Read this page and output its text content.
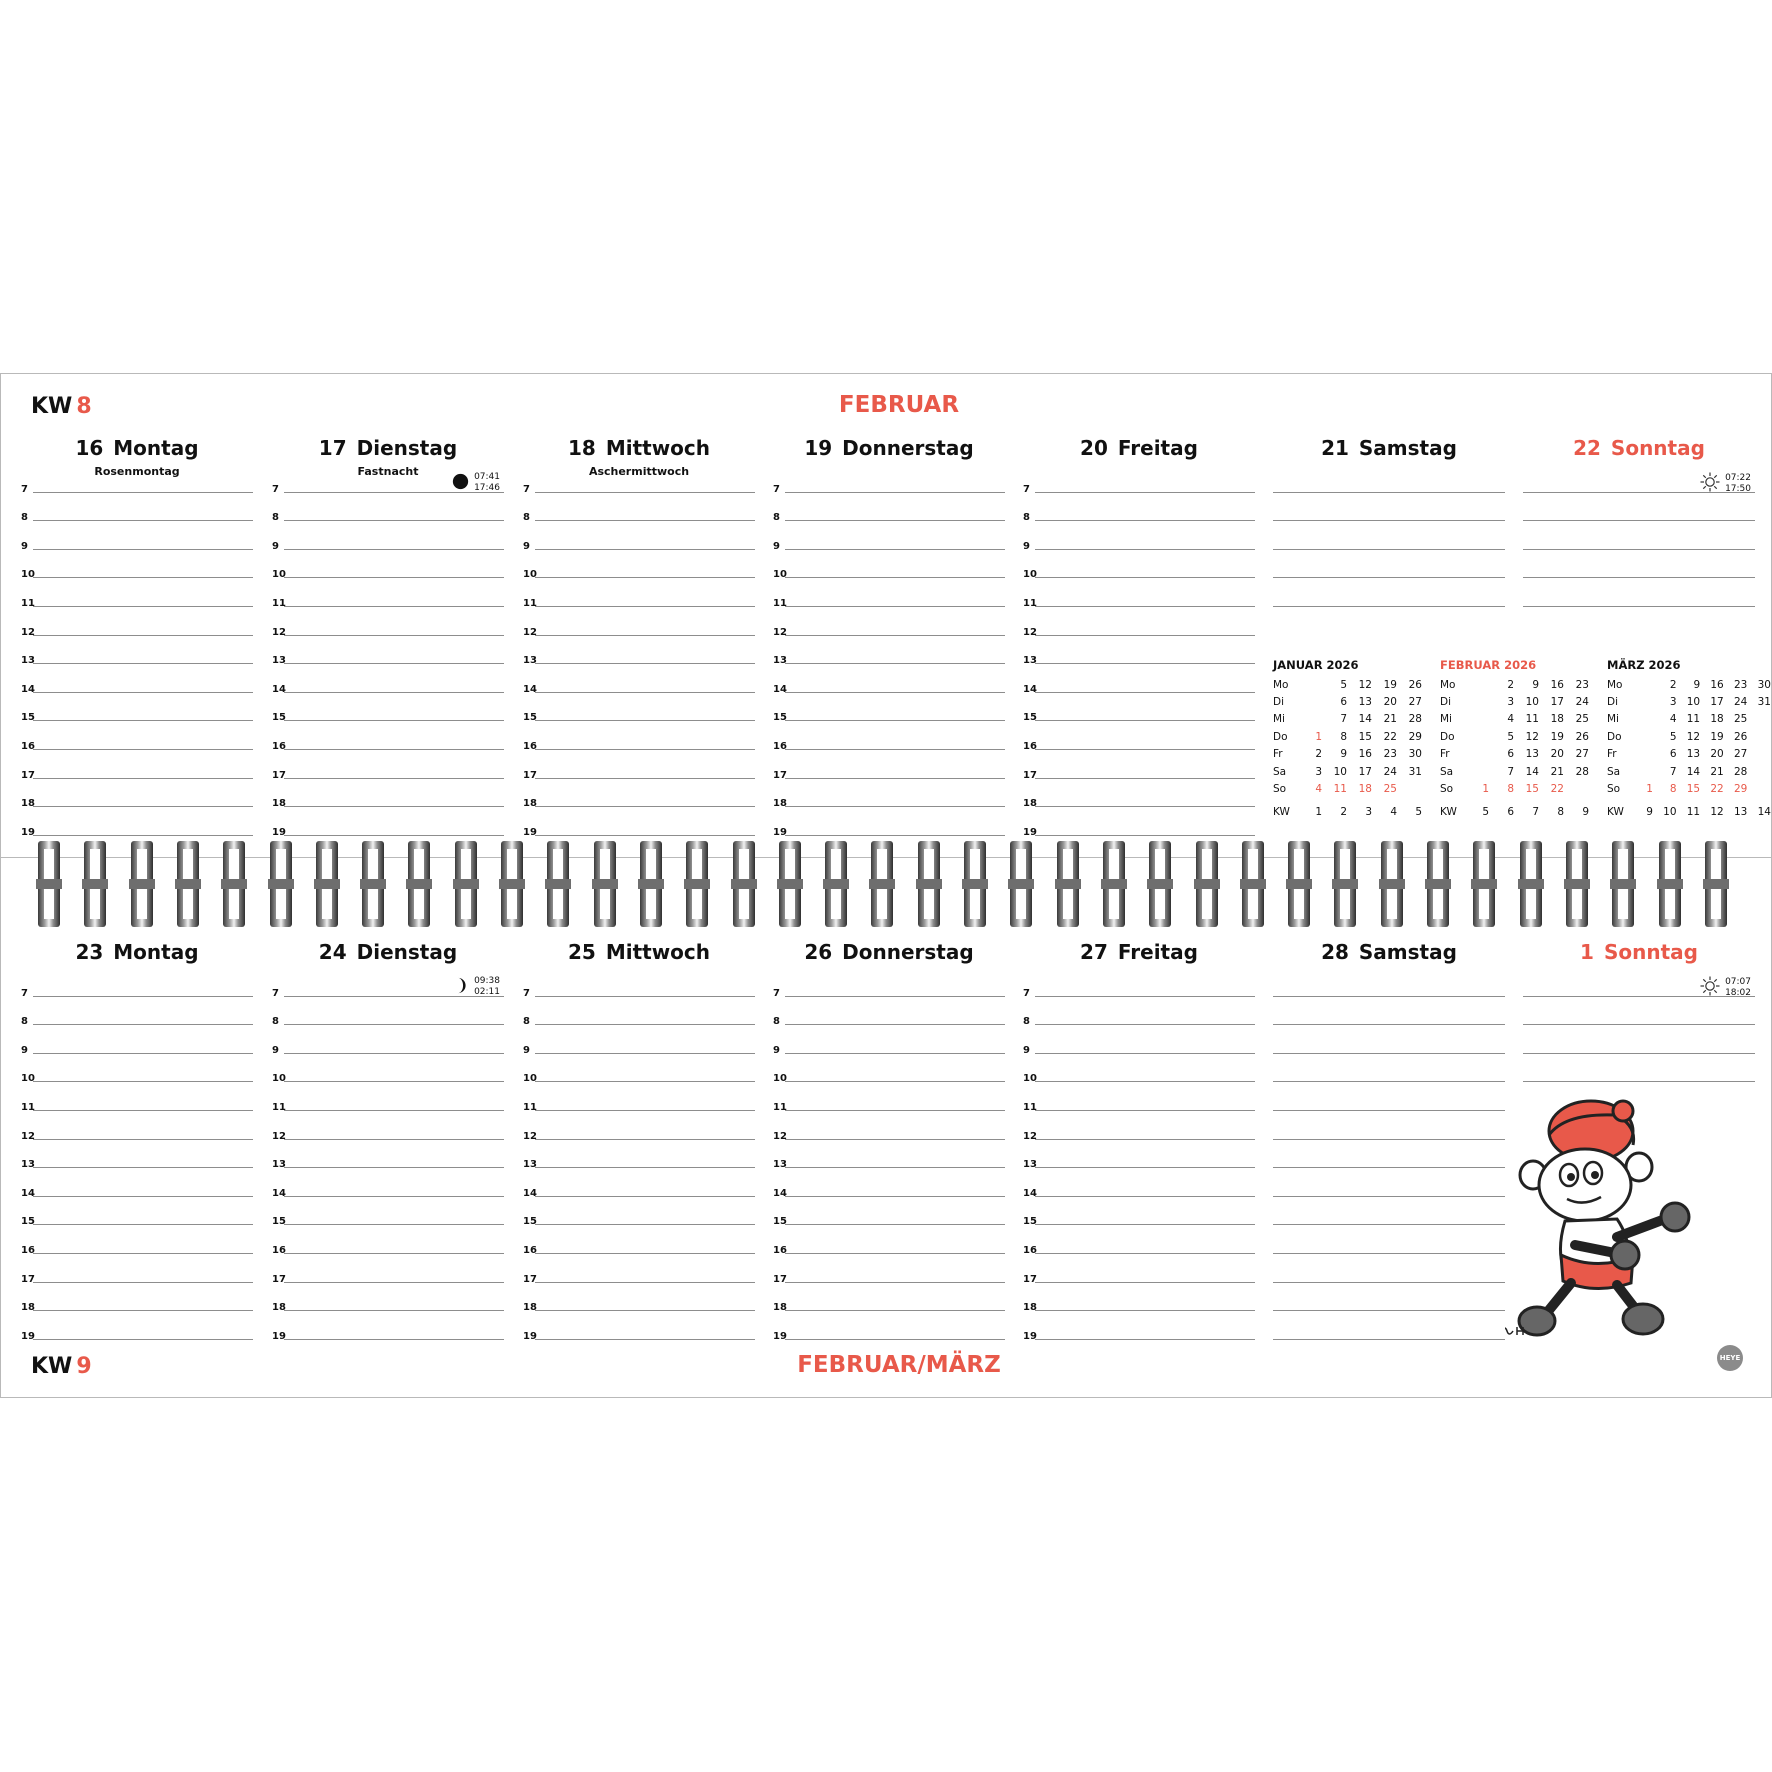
KW 8	FEBRUAR
16 Montag
Rosenmontag
7
8
9
10
11
12
13
14
15
16
17
18
19
17 Dienstag
Fastnacht
7
8
9
10
11
12
13
14
15
16
17
18
19
07:41
17:46
18 Mittwoch
Aschermittwoch
7
8
9
10
11
12
13
14
15
16
17
18
19
19 Donnerstag
7
8
9
10
11
12
13
14
15
16
17
18
19
20 Freitag
7
8
9
10
11
12
13
14
15
16
17
18
19
21 Samstag	22 Sonntag
07:22
17:50
JANUAR 2026
Mo		5	12	19	26
Di		6	13	20	27
Mi		7	14	21	28
Do	1	8	15	22	29
Fr	2	9	16	23	30
Sa	3	10	17	24	31
So	4	11	18	25	
KW	1	2	3	4	5
FEBRUAR 2026
Mo		2	9	16	23
Di		3	10	17	24
Mi		4	11	18	25
Do		5	12	19	26
Fr		6	13	20	27
Sa		7	14	21	28
So	1	8	15	22	
KW	5	6	7	8	9
MÄRZ 2026
Mo		2	9	16	23	30
Di		3	10	17	24	31
Mi		4	11	18	25	
Do		5	12	19	26	
Fr		6	13	20	27	
Sa		7	14	21	28	
So	1	8	15	22	29	
KW	9	10	11	12	13	14
23 Montag
7
8
9
10
11
12
13
14
15
16
17
18
19
24 Dienstag
7
8
9
10
11
12
13
14
15
16
17
18
19
09:38
02:11
25 Mittwoch
7
8
9
10
11
12
13
14
15
16
17
18
19
26 Donnerstag
7
8
9
10
11
12
13
14
15
16
17
18
19
27 Freitag
7
8
9
10
11
12
13
14
15
16
17
18
19
28 Samstag	1 Sonntag
07:07
18:02
KW 9	FEBRUAR/MÄRZ	HEYE
